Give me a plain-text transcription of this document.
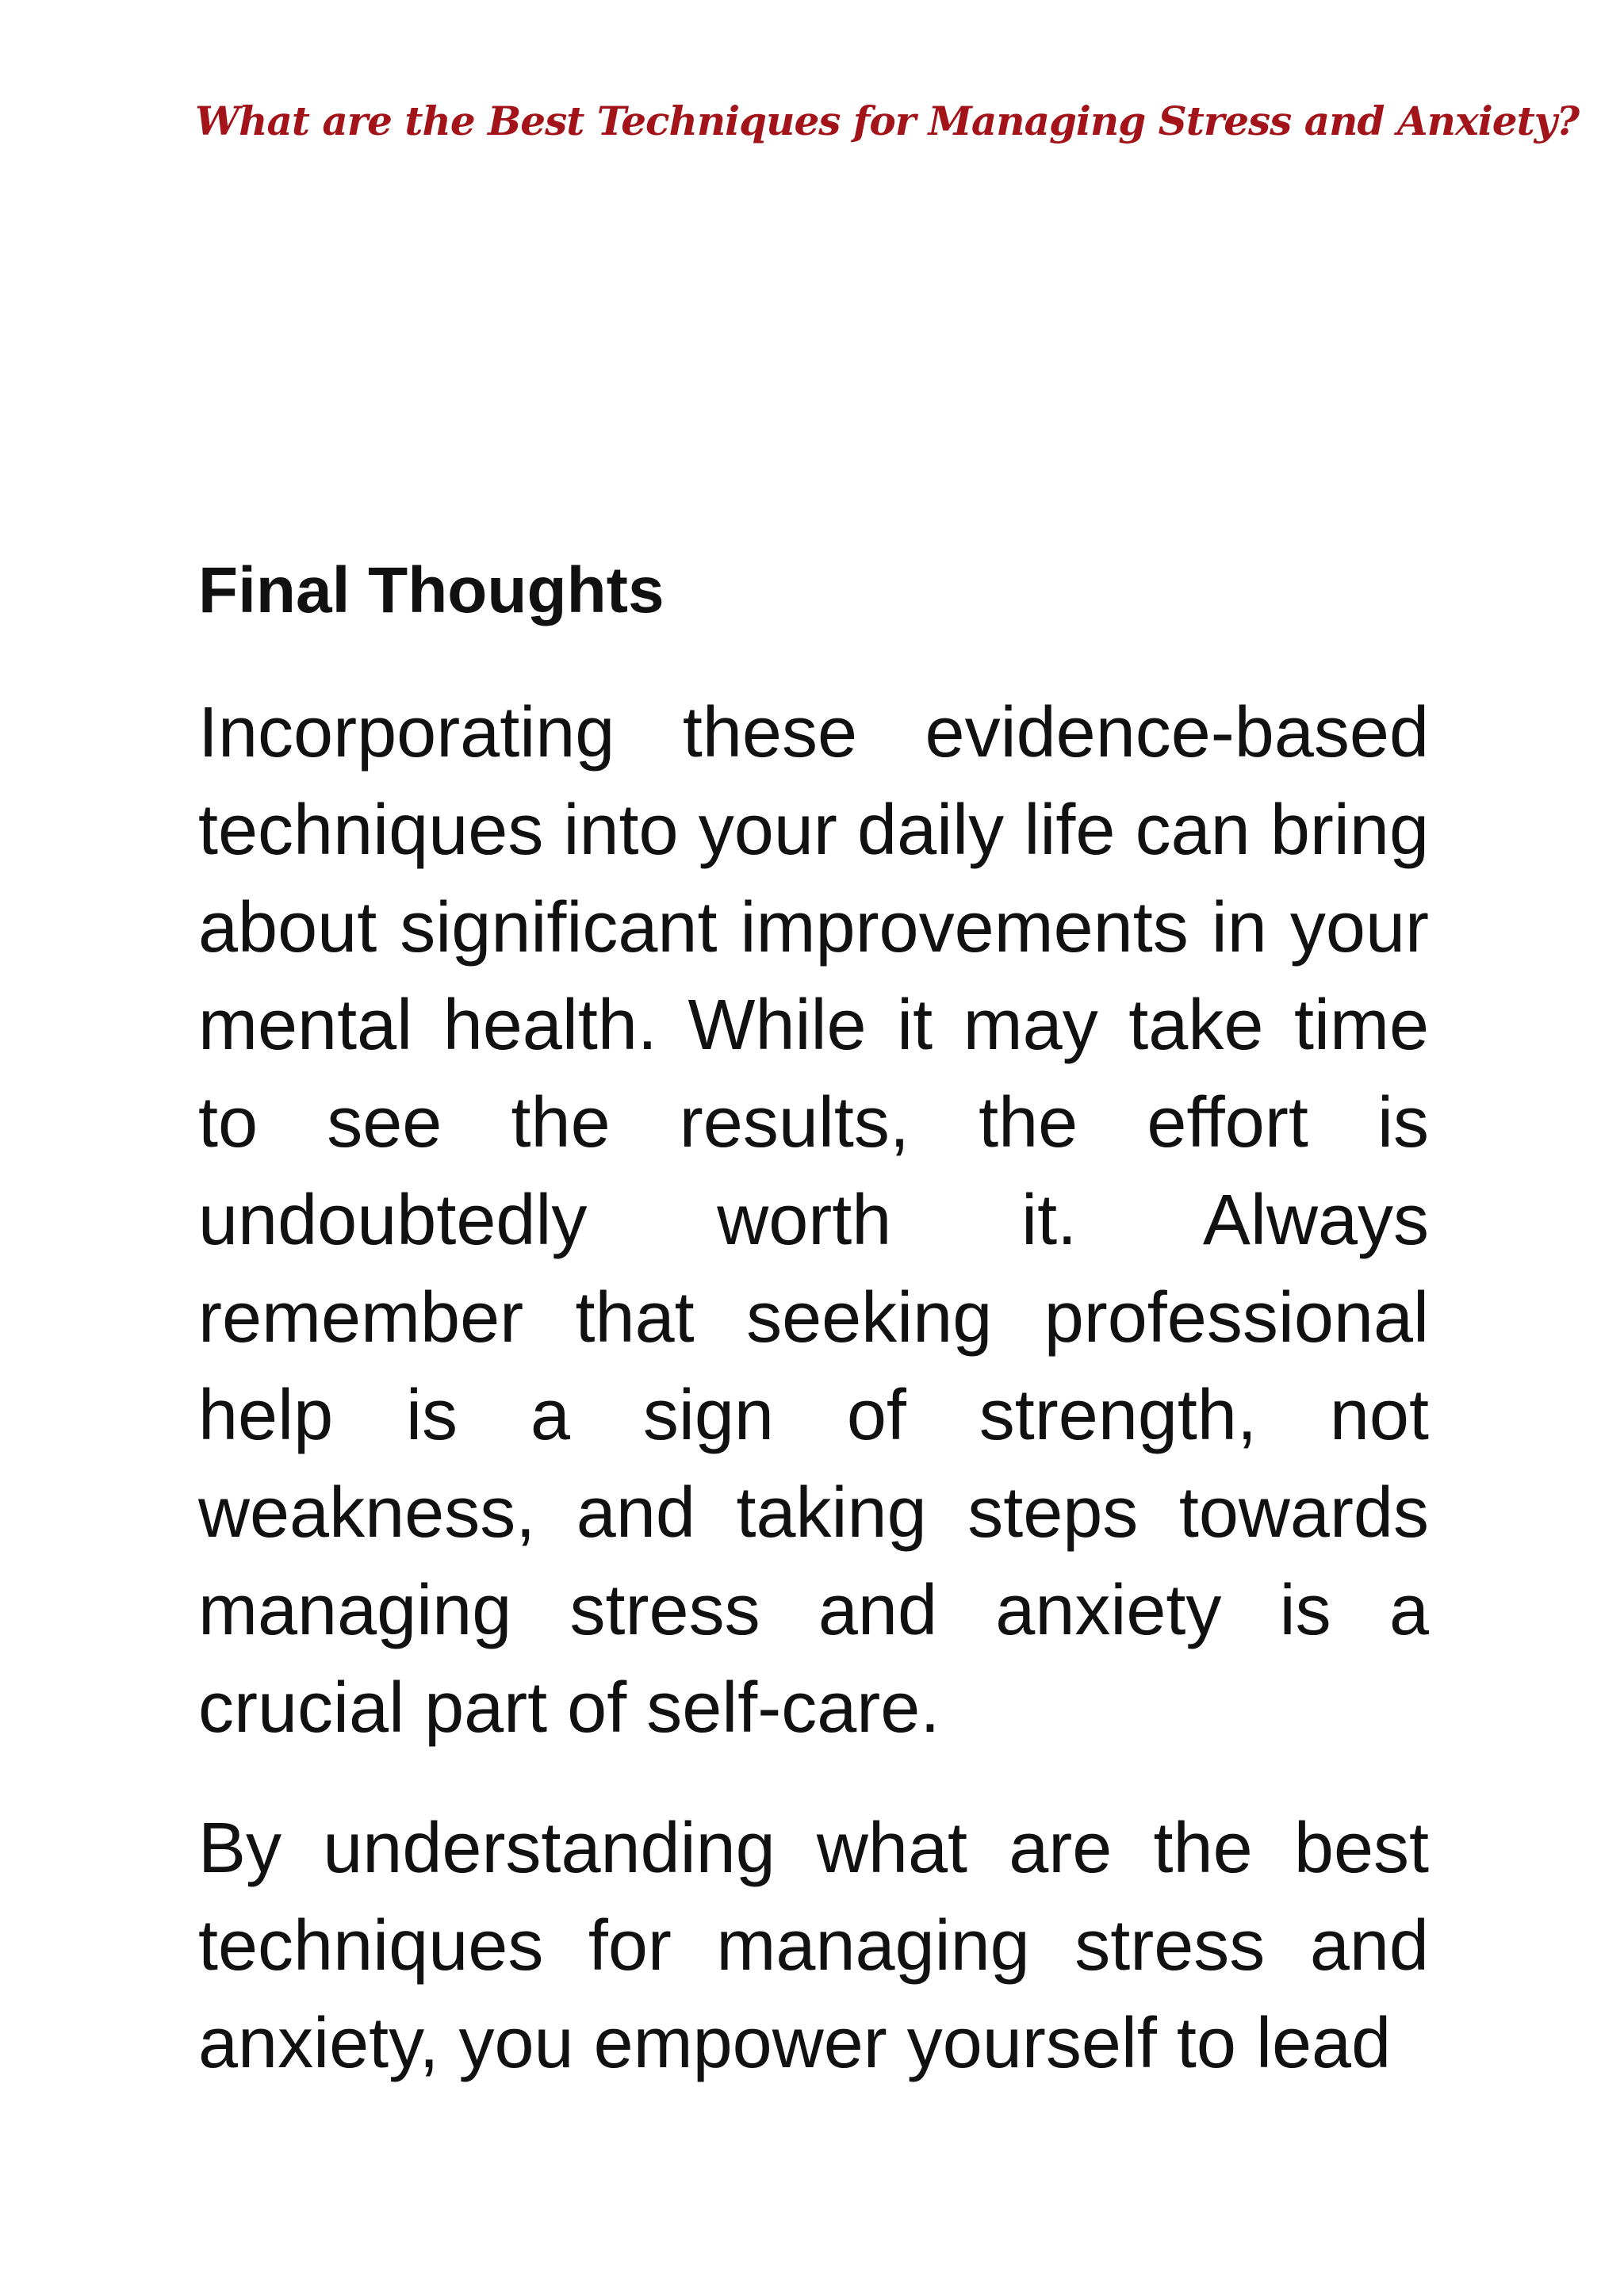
What are the Best Techniques for Managing Stress and Anxiety?
Final Thoughts

Incorporating these evidence-based techniques into your daily life can bring about significant improvements in your mental health. While it may take time to see the results, the effort is undoubtedly worth it. Always remember that seeking professional help is a sign of strength, not weakness, and taking steps towards managing stress and anxiety is a crucial part of self-care.

By understanding what are the best techniques for managing stress and anxiety, you empower yourself to lead
